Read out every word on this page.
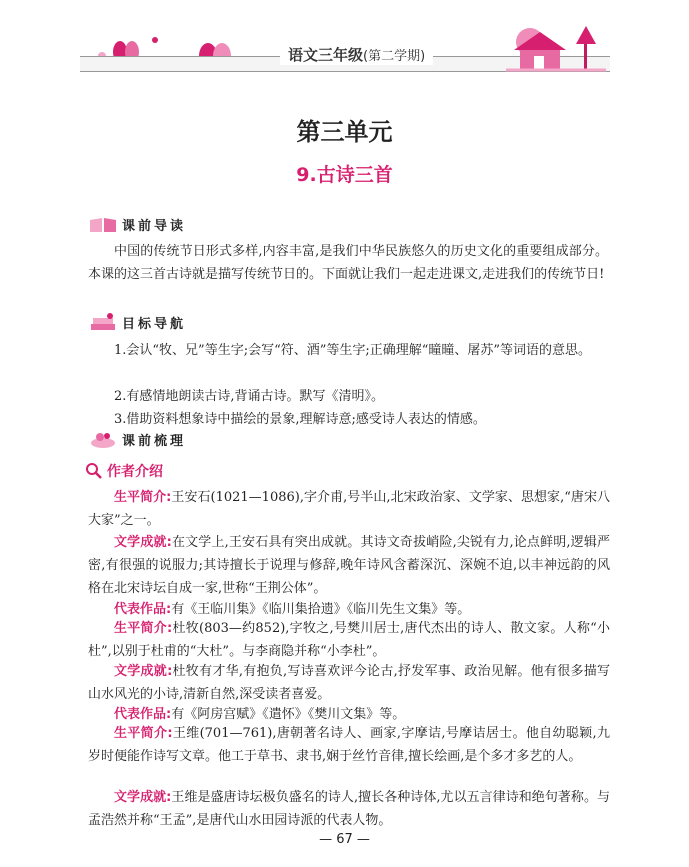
语文三年级(第二学期)
第三单元
9.古诗三首
课前导读

中国的传统节日形式多样,内容丰富,是我们中华民族悠久的历史文化的重要组成部分。本课的这三首古诗就是描写传统节日的。下面就让我们一起走进课文,走进我们的传统节日!

目标导航

1.会认“牧、兄”等生字;会写“符、酒”等生字;正确理解“曈曈、屠苏”等词语的意思。

2.有感情地朗读古诗,背诵古诗。默写《清明》。

3.借助资料想象诗中描绘的景象,理解诗意;感受诗人表达的情感。

课前梳理
作者介绍

生平简介:王安石(1021—1086),字介甫,号半山,北宋政治家、文学家、思想家,“唐宋八大家”之一。

文学成就:在文学上,王安石具有突出成就。其诗文奇拔峭险,尖锐有力,论点鲜明,逻辑严密,有很强的说服力;其诗擅长于说理与修辞,晚年诗风含蓄深沉、深婉不迫,以丰神远韵的风格在北宋诗坛自成一家,世称“王荆公体”。

代表作品:有《王临川集》《临川集拾遗》《临川先生文集》等。

生平简介:杜牧(803—约852),字牧之,号樊川居士,唐代杰出的诗人、散文家。人称“小杜”,以别于杜甫的“大杜”。与李商隐并称“小李杜”。

文学成就:杜牧有才华,有抱负,写诗喜欢评今论古,抒发军事、政治见解。他有很多描写山水风光的小诗,清新自然,深受读者喜爱。

代表作品:有《阿房宫赋》《遣怀》《樊川文集》等。

生平简介:王维(701—761),唐朝著名诗人、画家,字摩诘,号摩诘居士。他自幼聪颖,九岁时便能作诗写文章。他工于草书、隶书,娴于丝竹音律,擅长绘画,是个多才多艺的人。

文学成就:王维是盛唐诗坛极负盛名的诗人,擅长各种诗体,尤以五言律诗和绝句著称。与孟浩然并称“王孟”,是唐代山水田园诗派的代表人物。

— 67 —
